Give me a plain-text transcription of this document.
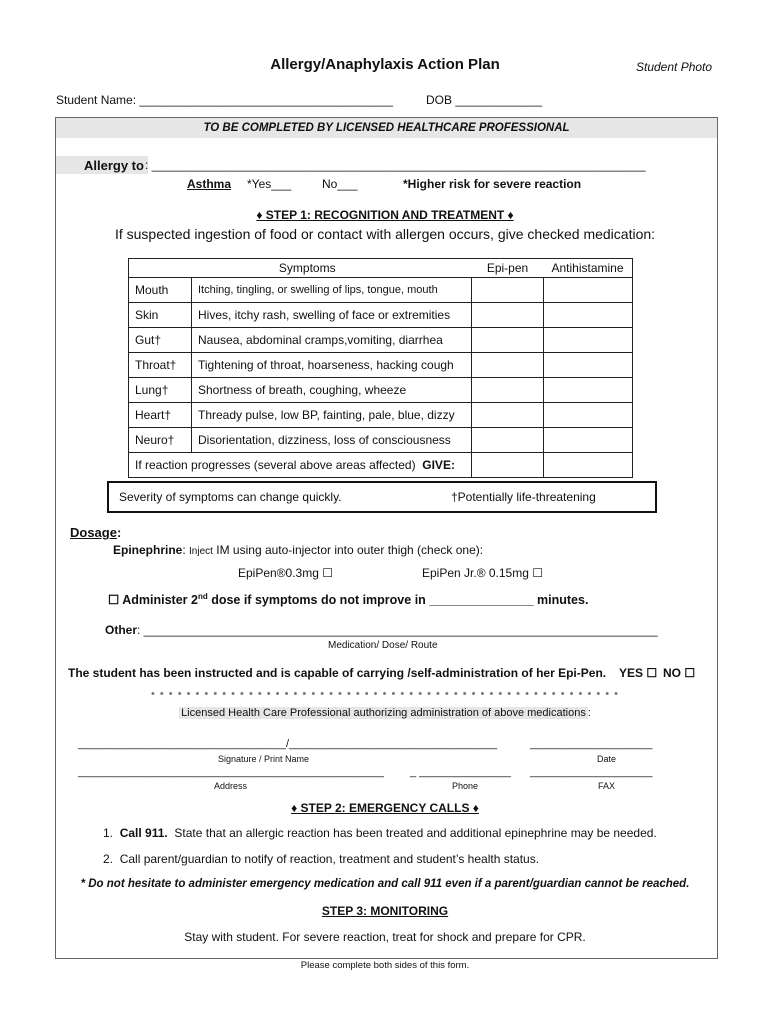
Allergy/Anaphylaxis Action Plan	Student Photo
Student Name: ______________________________________	DOB _____________
TO BE COMPLETED BY LICENSED HEALTHCARE PROFESSIONAL
Allergy to : __________________________________________________________________________
Asthma *Yes___	No___	*Higher risk for severe reaction
♦ STEP 1: RECOGNITION AND TREATMENT ♦
If suspected ingestion of food or contact with allergen occurs, give checked medication:
Symptoms		Epi-pen	Antihistamine
Mouth	Itching, tingling, or swelling of lips, tongue, mouth		
Skin	Hives, itchy rash, swelling of face or extremities		
Gut†	Nausea, abdominal cramps,vomiting, diarrhea		
Throat†	Tightening of throat, hoarseness, hacking cough		
Lung†	Shortness of breath, coughing, wheeze		
Heart†	Thready pulse, low BP, fainting, pale, blue, dizzy		
Neuro†	Disorientation, dizziness, loss of consciousness		
If reaction progresses (several above areas affected) GIVE:			
Severity of symptoms can change quickly.	†Potentially life-threatening
Dosage:
Epinephrine: Inject IM using auto-injector into outer thigh (check one):
EpiPen®0.3mg ☐	EpiPen Jr.® 0.15mg ☐
☐ Administer 2nd dose if symptoms do not improve in _______________ minutes.
Other: _____________________________________________________________________________
Medication/ Dose/ Route
The student has been instructed and is capable of carrying /self-administration of her Epi-Pen. YES ☐ NO ☐
• • • • • • • • • • • • • • • • • • • • • • • • • • • • • • • • • • • • • • • • • • • • • • • • • • • • •
Licensed Health Care Professional authorizing administration of above medications :
__________________________________/__________________________________	____________________
Signature / Print Name	Date
__________________________________________________ _ _______________ ____________________
Address	Phone	FAX
♦ STEP 2: EMERGENCY CALLS ♦
1. Call 911. State that an allergic reaction has been treated and additional epinephrine may be needed.
2. Call parent/guardian to notify of reaction, treatment and student’s health status.
* Do not hesitate to administer emergency medication and call 911 even if a parent/guardian cannot be reached.
STEP 3: MONITORING
Stay with student. For severe reaction, treat for shock and prepare for CPR.
Please complete both sides of this form.
